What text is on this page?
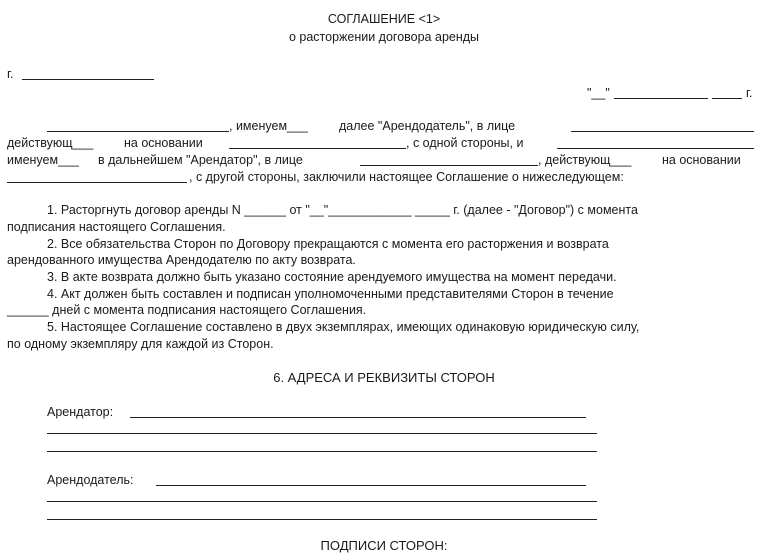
СОГЛАШЕНИЕ <1>
о расторжении договора аренды
г.
"__"	г.
, именуем___ далее "Арендодатель", в лице
действующ___ на основании	, с одной стороны, и
именуем___ в дальнейшем "Арендатор", в лице	, действующ___ на основании
, с другой стороны, заключили настоящее Соглашение о нижеследующем:
1. Расторгнуть договор аренды N ______ от "__"____________ _____ г. (далее - "Договор") с момента
подписания настоящего Соглашения.
2. Все обязательства Сторон по Договору прекращаются с момента его расторжения и возврата
арендованного имущества Арендодателю по акту возврата.
3. В акте возврата должно быть указано состояние арендуемого имущества на момент передачи.
4. Акт должен быть составлен и подписан уполномоченными представителями Сторон в течение
______ дней с момента подписания настоящего Соглашения.
5. Настоящее Соглашение составлено в двух экземплярах, имеющих одинаковую юридическую силу,
по одному экземпляру для каждой из Сторон.
6. АДРЕСА И РЕКВИЗИТЫ СТОРОН
Арендатор:
Арендодатель:
ПОДПИСИ СТОРОН:
